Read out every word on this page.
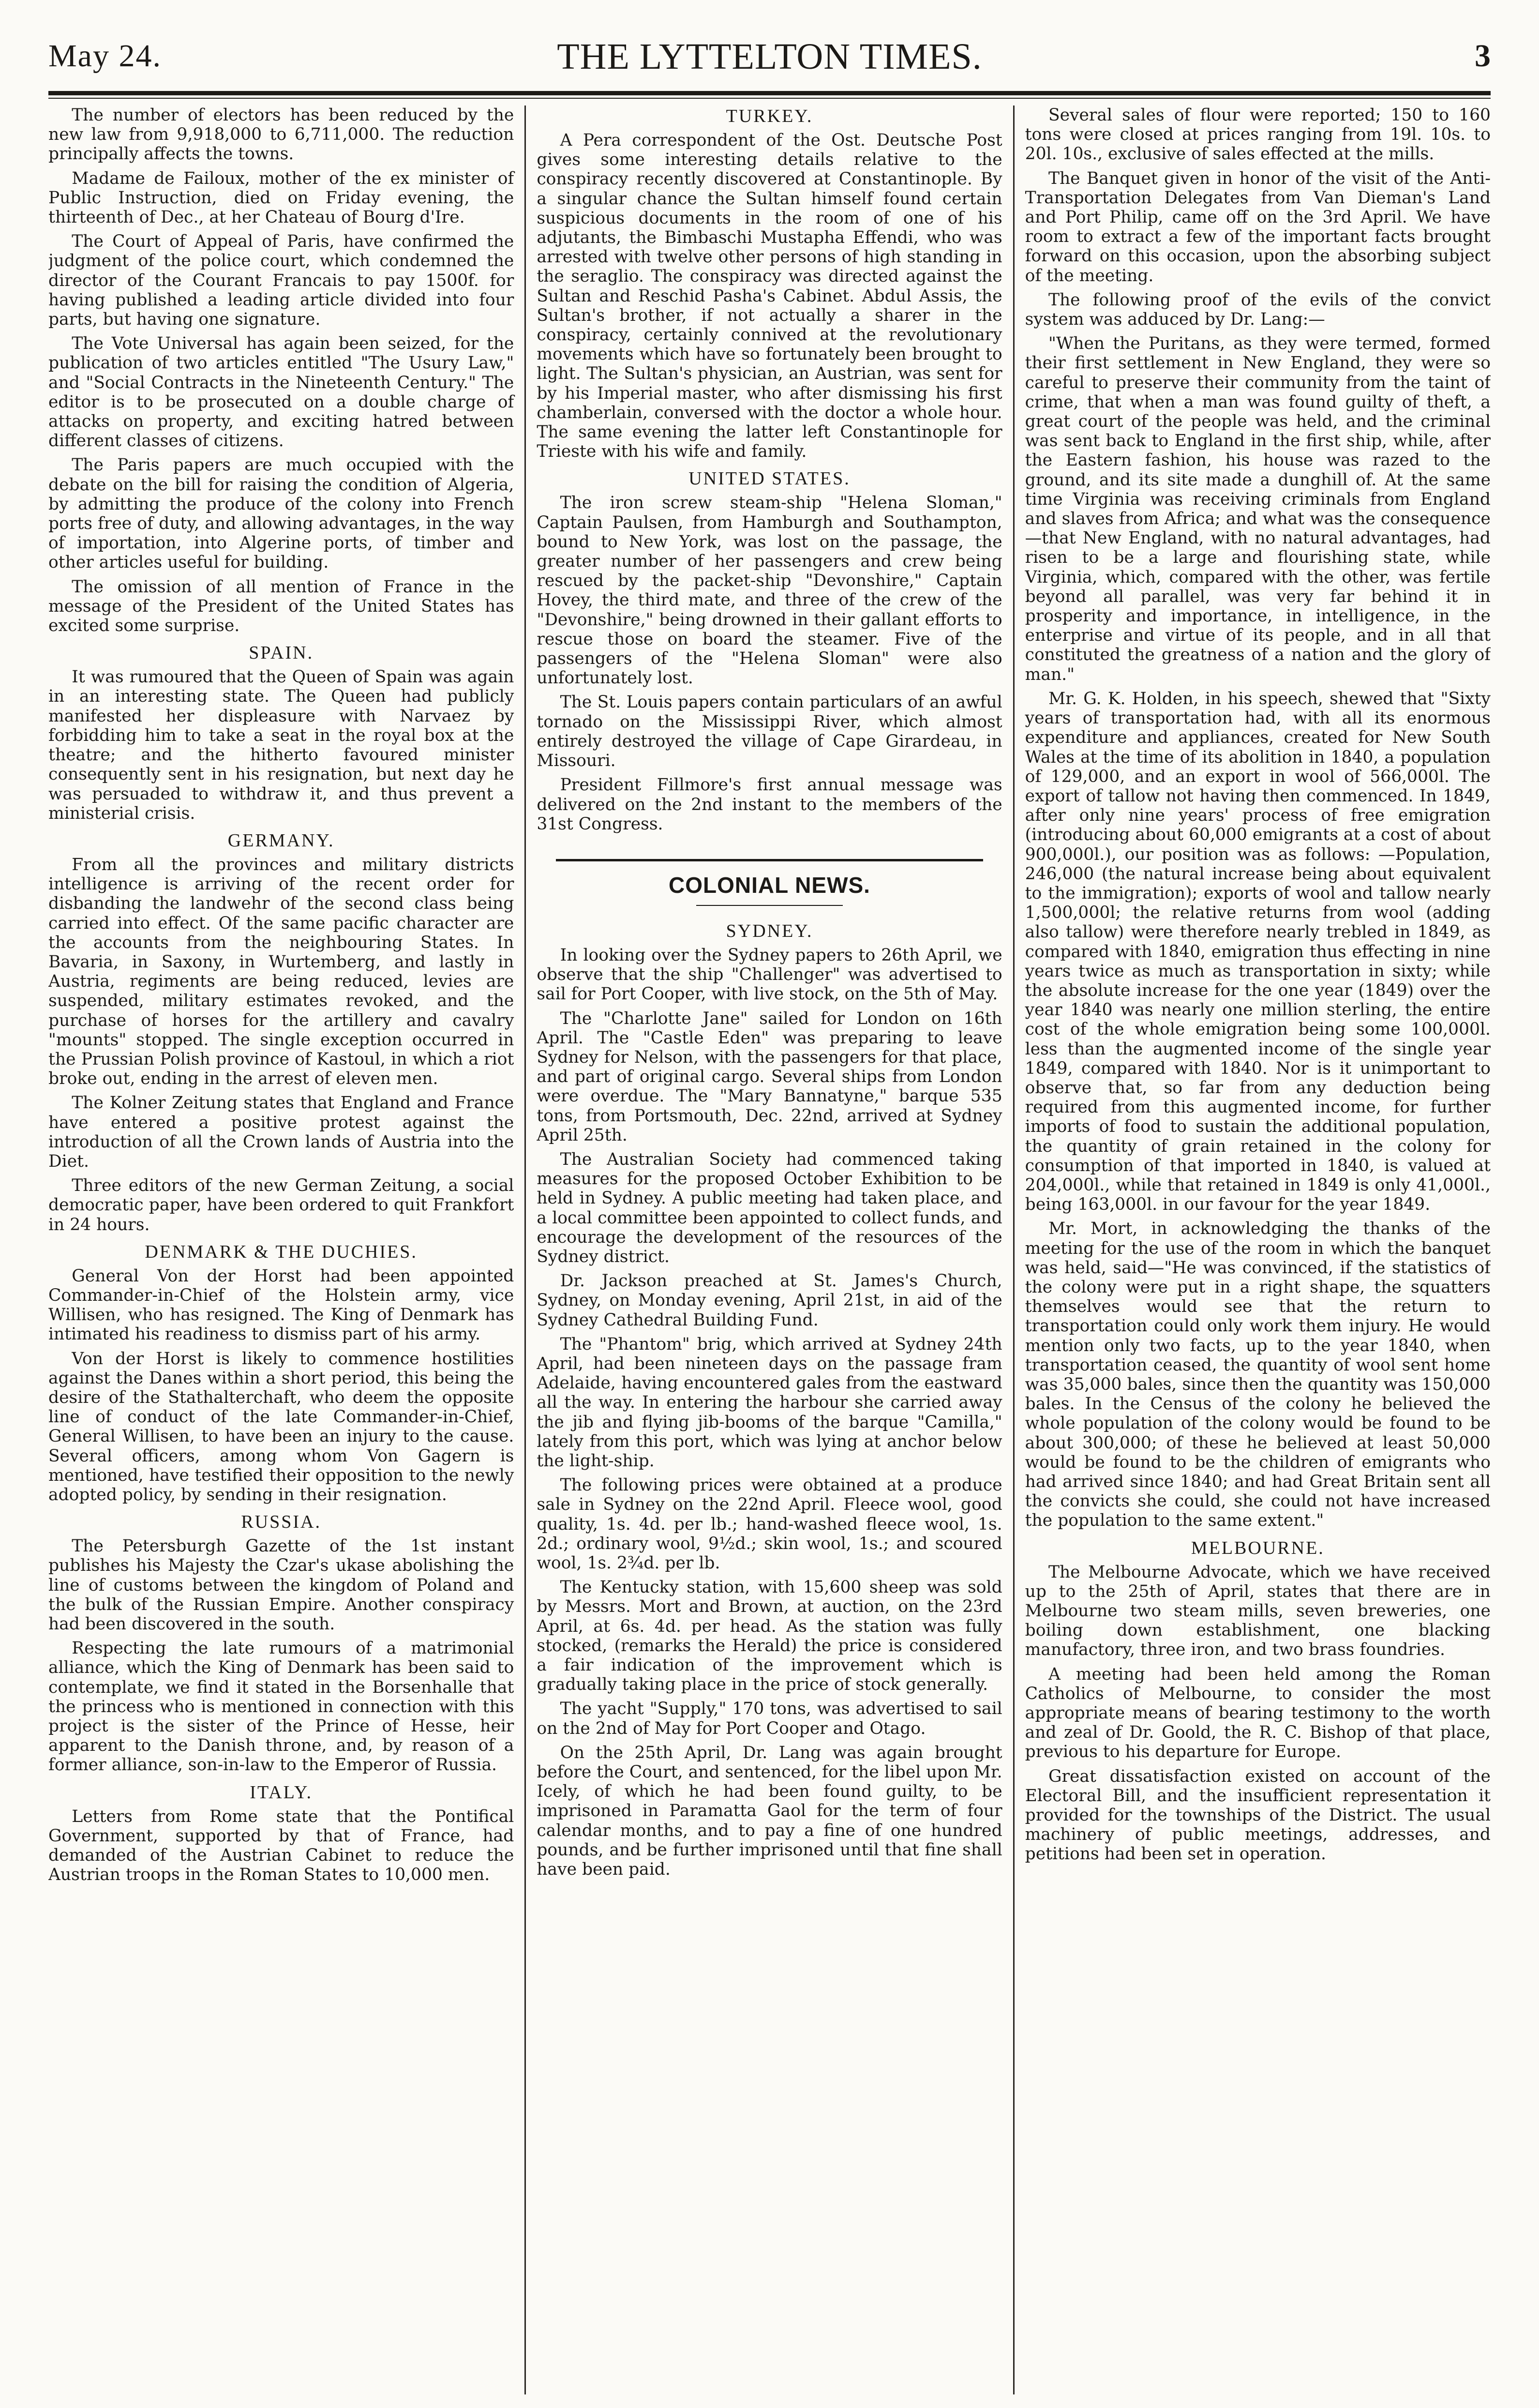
May 24.	THE LYTTELTON TIMES.	3

The number of electors has been reduced by the new law from 9,918,000 to 6,711,000. The reduction principally affects the towns.

Madame de Failoux, mother of the ex minister of Public Instruction, died on Friday evening, the thirteenth of Dec., at her Chateau of Bourg d'Ire.

The Court of Appeal of Paris, have confirmed the judgment of the police court, which condemned the director of the Courant Francais to pay 1500f. for having published a leading article divided into four parts, but having one signature.

The Vote Universal has again been seized, for the publication of two articles entitled "The Usury Law," and "Social Contracts in the Nineteenth Century." The editor is to be prosecuted on a double charge of attacks on property, and exciting hatred between different classes of citizens.

The Paris papers are much occupied with the debate on the bill for raising the condition of Algeria, by admitting the produce of the colony into French ports free of duty, and allowing advantages, in the way of importation, into Algerine ports, of timber and other articles useful for building.

The omission of all mention of France in the message of the President of the United States has excited some surprise.

SPAIN.

It was rumoured that the Queen of Spain was again in an interesting state. The Queen had publicly manifested her displeasure with Narvaez by forbidding him to take a seat in the royal box at the theatre; and the hitherto favoured minister consequently sent in his resignation, but next day he was persuaded to withdraw it, and thus prevent a ministerial crisis.

GERMANY.

From all the provinces and military districts intelligence is arriving of the recent order for disbanding the landwehr of the second class being carried into effect. Of the same pacific character are the accounts from the neighbouring States. In Bavaria, in Saxony, in Wurtemberg, and lastly in Austria, regiments are being reduced, levies are suspended, military estimates revoked, and the purchase of horses for the artillery and cavalry "mounts" stopped. The single exception occurred in the Prussian Polish province of Kastoul, in which a riot broke out, ending in the arrest of eleven men.

The Kolner Zeitung states that England and France have entered a positive protest against the introduction of all the Crown lands of Austria into the Diet.

Three editors of the new German Zeitung, a social democratic paper, have been ordered to quit Frankfort in 24 hours.

DENMARK & THE DUCHIES.

General Von der Horst had been appointed Commander-in-Chief of the Holstein army, vice Willisen, who has resigned. The King of Denmark has intimated his readiness to dismiss part of his army.

Von der Horst is likely to commence hostilities against the Danes within a short period, this being the desire of the Stathalterchaft, who deem the opposite line of conduct of the late Commander-in-Chief, General Willisen, to have been an injury to the cause. Several officers, among whom Von Gagern is mentioned, have testified their opposition to the newly adopted policy, by sending in their resignation.

RUSSIA.

The Petersburgh Gazette of the 1st instant publishes his Majesty the Czar's ukase abolishing the line of customs between the kingdom of Poland and the bulk of the Russian Empire. Another conspiracy had been discovered in the south.

Respecting the late rumours of a matrimonial alliance, which the King of Denmark has been said to contemplate, we find it stated in the Borsenhalle that the princess who is mentioned in connection with this project is the sister of the Prince of Hesse, heir apparent to the Danish throne, and, by reason of a former alliance, son-in-law to the Emperor of Russia.

ITALY.

Letters from Rome state that the Pontifical Government, supported by that of France, had demanded of the Austrian Cabinet to reduce the Austrian troops in the Roman States to 10,000 men.

TURKEY.

A Pera correspondent of the Ost. Deutsche Post gives some interesting details relative to the conspiracy recently discovered at Constantinople. By a singular chance the Sultan himself found certain suspicious documents in the room of one of his adjutants, the Bimbaschi Mustapha Effendi, who was arrested with twelve other persons of high standing in the seraglio. The conspiracy was directed against the Sultan and Reschid Pasha's Cabinet. Abdul Assis, the Sultan's brother, if not actually a sharer in the conspiracy, certainly connived at the revolutionary movements which have so fortunately been brought to light. The Sultan's physician, an Austrian, was sent for by his Imperial master, who after dismissing his first chamberlain, conversed with the doctor a whole hour. The same evening the latter left Constantinople for Trieste with his wife and family.

UNITED STATES.

The iron screw steam-ship "Helena Sloman," Captain Paulsen, from Hamburgh and Southampton, bound to New York, was lost on the passage, the greater number of her passengers and crew being rescued by the packet-ship "Devonshire," Captain Hovey, the third mate, and three of the crew of the "Devonshire," being drowned in their gallant efforts to rescue those on board the steamer. Five of the passengers of the "Helena Sloman" were also unfortunately lost.

The St. Louis papers contain particulars of an awful tornado on the Mississippi River, which almost entirely destroyed the village of Cape Girardeau, in Missouri.

President Fillmore's first annual message was delivered on the 2nd instant to the members of the 31st Congress.

COLONIAL NEWS.
SYDNEY.

In looking over the Sydney papers to 26th April, we observe that the ship "Challenger" was advertised to sail for Port Cooper, with live stock, on the 5th of May.

The "Charlotte Jane" sailed for London on 16th April. The "Castle Eden" was preparing to leave Sydney for Nelson, with the passengers for that place, and part of original cargo. Several ships from London were overdue. The "Mary Bannatyne," barque 535 tons, from Portsmouth, Dec. 22nd, arrived at Sydney April 25th.

The Australian Society had commenced taking measures for the proposed October Exhibition to be held in Sydney. A public meeting had taken place, and a local committee been appointed to collect funds, and encourage the development of the resources of the Sydney district.

Dr. Jackson preached at St. James's Church, Sydney, on Monday evening, April 21st, in aid of the Sydney Cathedral Building Fund.

The "Phantom" brig, which arrived at Sydney 24th April, had been nineteen days on the passage fram Adelaide, having encountered gales from the eastward all the way. In entering the harbour she carried away the jib and flying jib-booms of the barque "Camilla," lately from this port, which was lying at anchor below the light-ship.

The following prices were obtained at a produce sale in Sydney on the 22nd April. Fleece wool, good quality, 1s. 4d. per lb.; hand-washed fleece wool, 1s. 2d.; ordinary wool, 9½d.; skin wool, 1s.; and scoured wool, 1s. 2¾d. per lb.

The Kentucky station, with 15,600 sheep was sold by Messrs. Mort and Brown, at auction, on the 23rd April, at 6s. 4d. per head. As the station was fully stocked, (remarks the Herald) the price is considered a fair indication of the improvement which is gradually taking place in the price of stock generally.

The yacht "Supply," 170 tons, was advertised to sail on the 2nd of May for Port Cooper and Otago.

On the 25th April, Dr. Lang was again brought before the Court, and sentenced, for the libel upon Mr. Icely, of which he had been found guilty, to be imprisoned in Paramatta Gaol for the term of four calendar months, and to pay a fine of one hundred pounds, and be further imprisoned until that fine shall have been paid.

Several sales of flour were reported; 150 to 160 tons were closed at prices ranging from 19l. 10s. to 20l. 10s., exclusive of sales effected at the mills.

The Banquet given in honor of the visit of the Anti-Transportation Delegates from Van Dieman's Land and Port Philip, came off on the 3rd April. We have room to extract a few of the important facts brought forward on this occasion, upon the absorbing subject of the meeting.

The following proof of the evils of the convict system was adduced by Dr. Lang:—

"When the Puritans, as they were termed, formed their first settlement in New England, they were so careful to preserve their community from the taint of crime, that when a man was found guilty of theft, a great court of the people was held, and the criminal was sent back to England in the first ship, while, after the Eastern fashion, his house was razed to the ground, and its site made a dunghill of. At the same time Virginia was receiving criminals from England and slaves from Africa; and what was the consequence—that New England, with no natural advantages, had risen to be a large and flourishing state, while Virginia, which, compared with the other, was fertile beyond all parallel, was very far behind it in prosperity and importance, in intelligence, in the enterprise and virtue of its people, and in all that constituted the greatness of a nation and the glory of man."

Mr. G. K. Holden, in his speech, shewed that "Sixty years of transportation had, with all its enormous expenditure and appliances, created for New South Wales at the time of its abolition in 1840, a population of 129,000, and an export in wool of 566,000l. The export of tallow not having then commenced. In 1849, after only nine years' process of free emigration (introducing about 60,000 emigrants at a cost of about 900,000l.), our position was as follows: —Population, 246,000 (the natural increase being about equivalent to the immigration); exports of wool and tallow nearly 1,500,000l; the relative returns from wool (adding also tallow) were therefore nearly trebled in 1849, as compared with 1840, emigration thus effecting in nine years twice as much as transportation in sixty; while the absolute increase for the one year (1849) over the year 1840 was nearly one million sterling, the entire cost of the whole emigration being some 100,000l. less than the augmented income of the single year 1849, compared with 1840. Nor is it unimportant to observe that, so far from any deduction being required from this augmented income, for further imports of food to sustain the additional population, the quantity of grain retained in the colony for consumption of that imported in 1840, is valued at 204,000l., while that retained in 1849 is only 41,000l., being 163,000l. in our favour for the year 1849.

Mr. Mort, in acknowledging the thanks of the meeting for the use of the room in which the banquet was held, said—"He was convinced, if the statistics of the colony were put in a right shape, the squatters themselves would see that the return to transportation could only work them injury. He would mention only two facts, up to the year 1840, when transportation ceased, the quantity of wool sent home was 35,000 bales, since then the quantity was 150,000 bales. In the Census of the colony he believed the whole population of the colony would be found to be about 300,000; of these he believed at least 50,000 would be found to be the children of emigrants who had arrived since 1840; and had Great Britain sent all the convicts she could, she could not have increased the population to the same extent."

MELBOURNE.

The Melbourne Advocate, which we have received up to the 25th of April, states that there are in Melbourne two steam mills, seven breweries, one boiling down establishment, one blacking manufactory, three iron, and two brass foundries.

A meeting had been held among the Roman Catholics of Melbourne, to consider the most appropriate means of bearing testimony to the worth and zeal of Dr. Goold, the R. C. Bishop of that place, previous to his departure for Europe.

Great dissatisfaction existed on account of the Electoral Bill, and the insufficient representation it provided for the townships of the District. The usual machinery of public meetings, addresses, and petitions had been set in operation.
